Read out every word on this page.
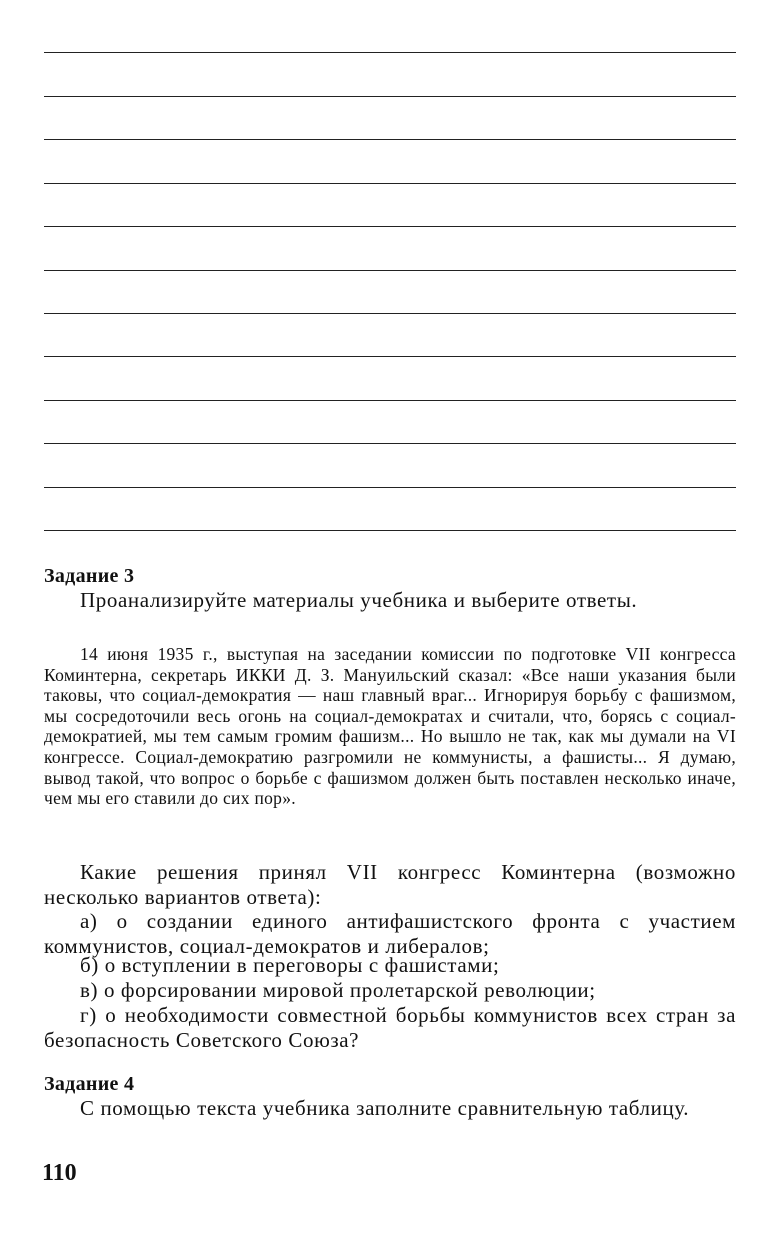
Задание 3
Проанализируйте материалы учебника и выберите ответы.
14 июня 1935 г., выступая на заседании комиссии по подготовке VII конгресса Коминтерна, секретарь ИККИ Д. З. Мануильский сказал: «Все наши указания были таковы, что социал-демократия — наш главный враг... Игнорируя борьбу с фашизмом, мы сосредоточили весь огонь на социал-демократах и считали, что, борясь с социал-демократией, мы тем самым громим фашизм... Но вышло не так, как мы думали на VI конгрессе. Социал-демократию разгромили не коммунисты, а фашисты... Я думаю, вывод такой, что вопрос о борьбе с фашизмом должен быть поставлен несколько иначе, чем мы его ставили до сих пор».
Какие решения принял VII конгресс Коминтерна (возможно несколько вариантов ответа):
а) о создании единого антифашистского фронта с участием коммунистов, социал-демократов и либералов;
б) о вступлении в переговоры с фашистами;
в) о форсировании мировой пролетарской революции;
г) о необходимости совместной борьбы коммунистов всех стран за безопасность Советского Союза?
Задание 4
С помощью текста учебника заполните сравнительную таблицу.
110
